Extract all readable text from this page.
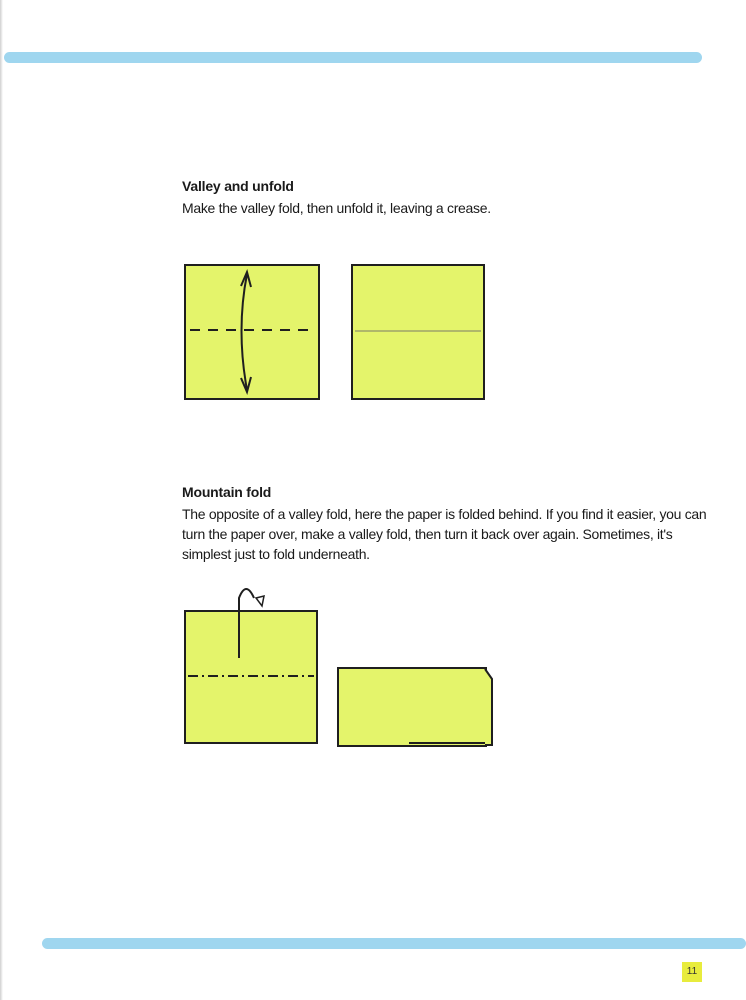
Valley and unfold

Make the valley fold, then unfold it, leaving a crease.

Mountain fold

The opposite of a valley fold, here the paper is folded behind. If you find it easier, you can turn the paper over, make a valley fold, then turn it back over again. Sometimes, it's simplest just to fold underneath.

11
